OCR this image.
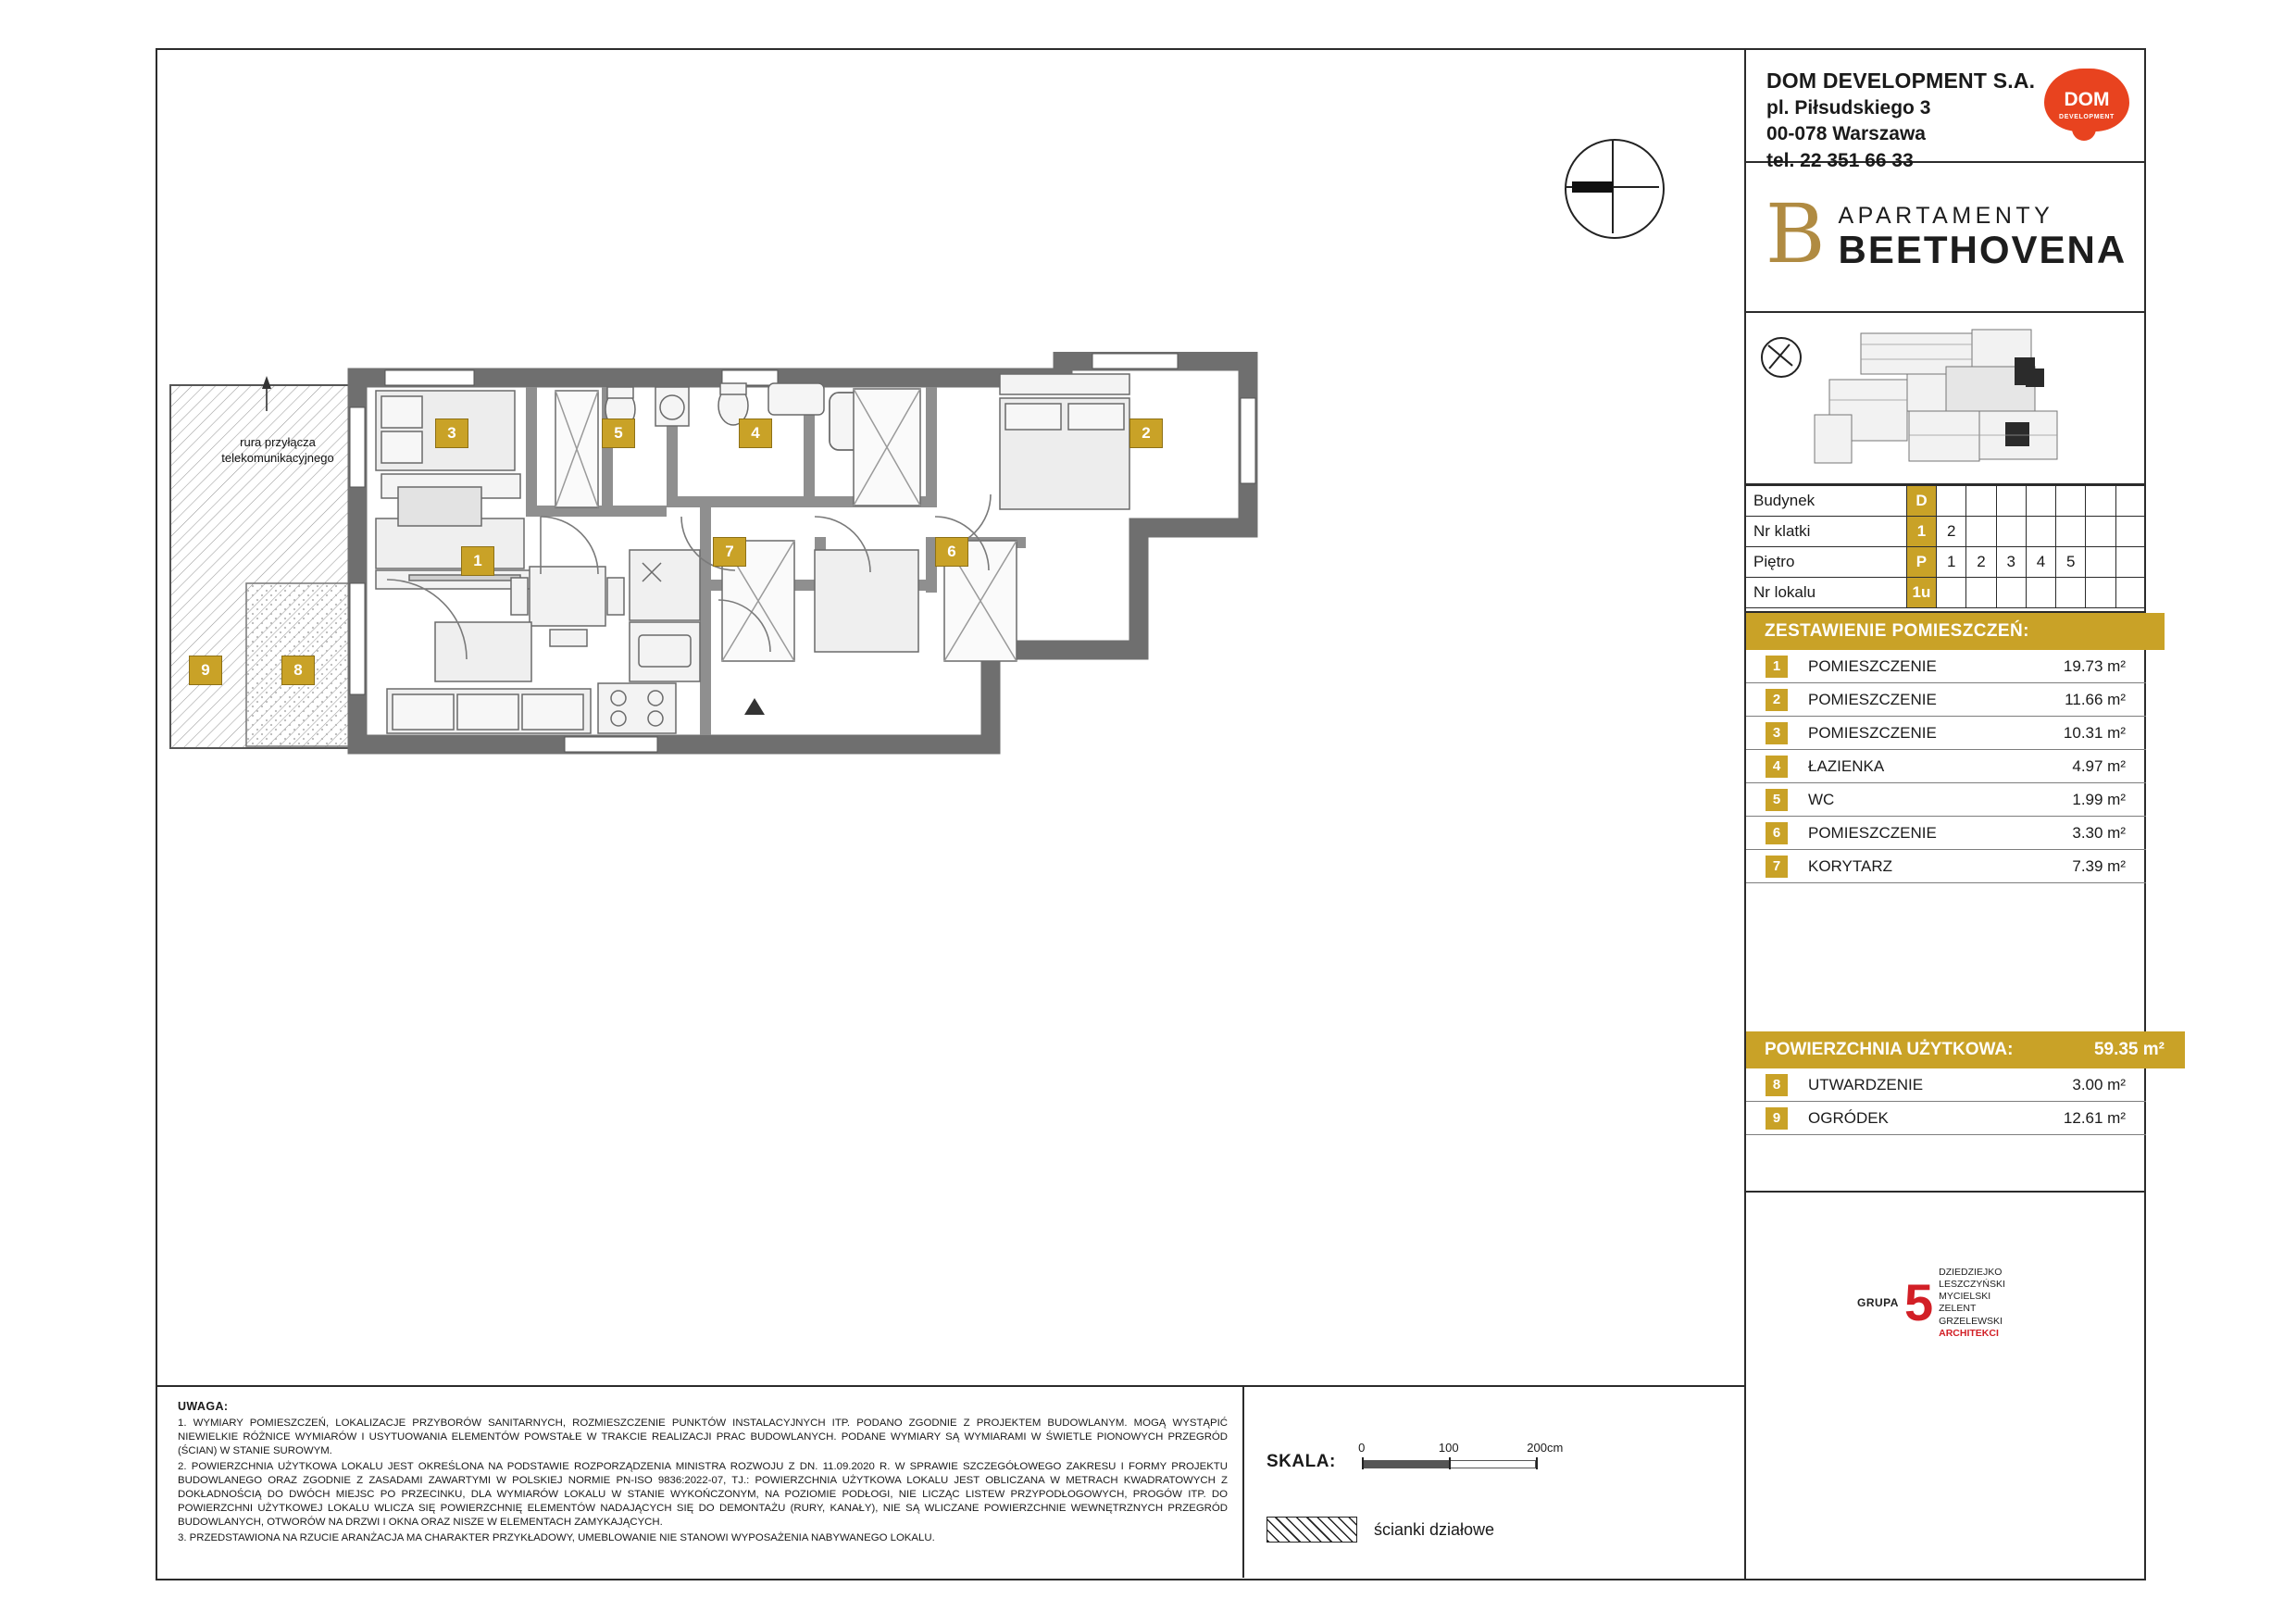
rura przyłącza
telekomunikacyjnego
3	5	4	2
1
7	6
8
9
DOM DEVELOPMENT S.A.
pl. Piłsudskiego 3
00-078 Warszawa
tel. 22 351 66 33
DOM
DEVELOPMENT
B APARTAMENTY
BEETHOVENA
Budynek	D							
Nr klatki	1	2						
Piętro	P	1	2	3	4	5		
Nr lokalu	1u							
ZESTAWIENIE POMIESZCZEŃ:
1	POMIESZCZENIE	19.73 m²
2	POMIESZCZENIE	11.66 m²
3	POMIESZCZENIE	10.31 m²
4	ŁAZIENKA	4.97 m²
5	WC	1.99 m²
6	POMIESZCZENIE	3.30 m²
7	KORYTARZ	7.39 m²
POWIERZCHNIA UŻYTKOWA:	59.35 m²
8	UTWARDZENIE	3.00 m²
9	OGRÓDEK	12.61 m²
GRUPA 5
DZIEDZIEJKO
LESZCZYŃSKI
MYCIELSKI
ZELENT
GRZELEWSKI
ARCHITEKCI
UWAGA:

1. WYMIARY POMIESZCZEŃ, LOKALIZACJE PRZYBORÓW SANITARNYCH, ROZMIESZCZENIE PUNKTÓW INSTALACYJNYCH ITP. PODANO ZGODNIE Z PROJEKTEM BUDOWLANYM. MOGĄ WYSTĄPIĆ NIEWIELKIE RÓŻNICE WYMIARÓW I USYTUOWANIA ELEMENTÓW POWSTAŁE W TRAKCIE REALIZACJI PRAC BUDOWLANYCH. PODANE WYMIARY SĄ WYMIARAMI W ŚWIETLE PIONOWYCH PRZEGRÓD (ŚCIAN) W STANIE SUROWYM.

2. POWIERZCHNIA UŻYTKOWA LOKALU JEST OKREŚLONA NA PODSTAWIE ROZPORZĄDZENIA MINISTRA ROZWOJU Z DN. 11.09.2020 R. W SPRAWIE SZCZEGÓŁOWEGO ZAKRESU I FORMY PROJEKTU BUDOWLANEGO ORAZ ZGODNIE Z ZASADAMI ZAWARTYMI W POLSKIEJ NORMIE PN-ISO 9836:2022-07, TJ.: POWIERZCHNIA UŻYTKOWA LOKALU JEST OBLICZANA W METRACH KWADRATOWYCH Z DOKŁADNOŚCIĄ DO DWÓCH MIEJSC PO PRZECINKU, DLA WYMIARÓW LOKALU W STANIE WYKOŃCZONYM, NA POZIOMIE PODŁOGI, NIE LICZĄC LISTEW PRZYPODŁOGOWYCH, PROGÓW ITP. DO POWIERZCHNI UŻYTKOWEJ LOKALU WLICZA SIĘ POWIERZCHNIĘ ELEMENTÓW NADAJĄCYCH SIĘ DO DEMONTAŻU (RURY, KANAŁY), NIE SĄ WLICZANE POWIERZCHNIE WEWNĘTRZNYCH PRZEGRÓD BUDOWLANYCH, OTWORÓW NA DRZWI I OKNA ORAZ NISZE W ELEMENTACH ZAMYKAJĄCYCH.

3. PRZEDSTAWIONA NA RZUCIE ARANŻACJA MA CHARAKTER PRZYKŁADOWY, UMEBLOWANIE NIE STANOWI WYPOSAŻENIA NABYWANEGO LOKALU.

SKALA:
0	100	200cm
ścianki działowe
